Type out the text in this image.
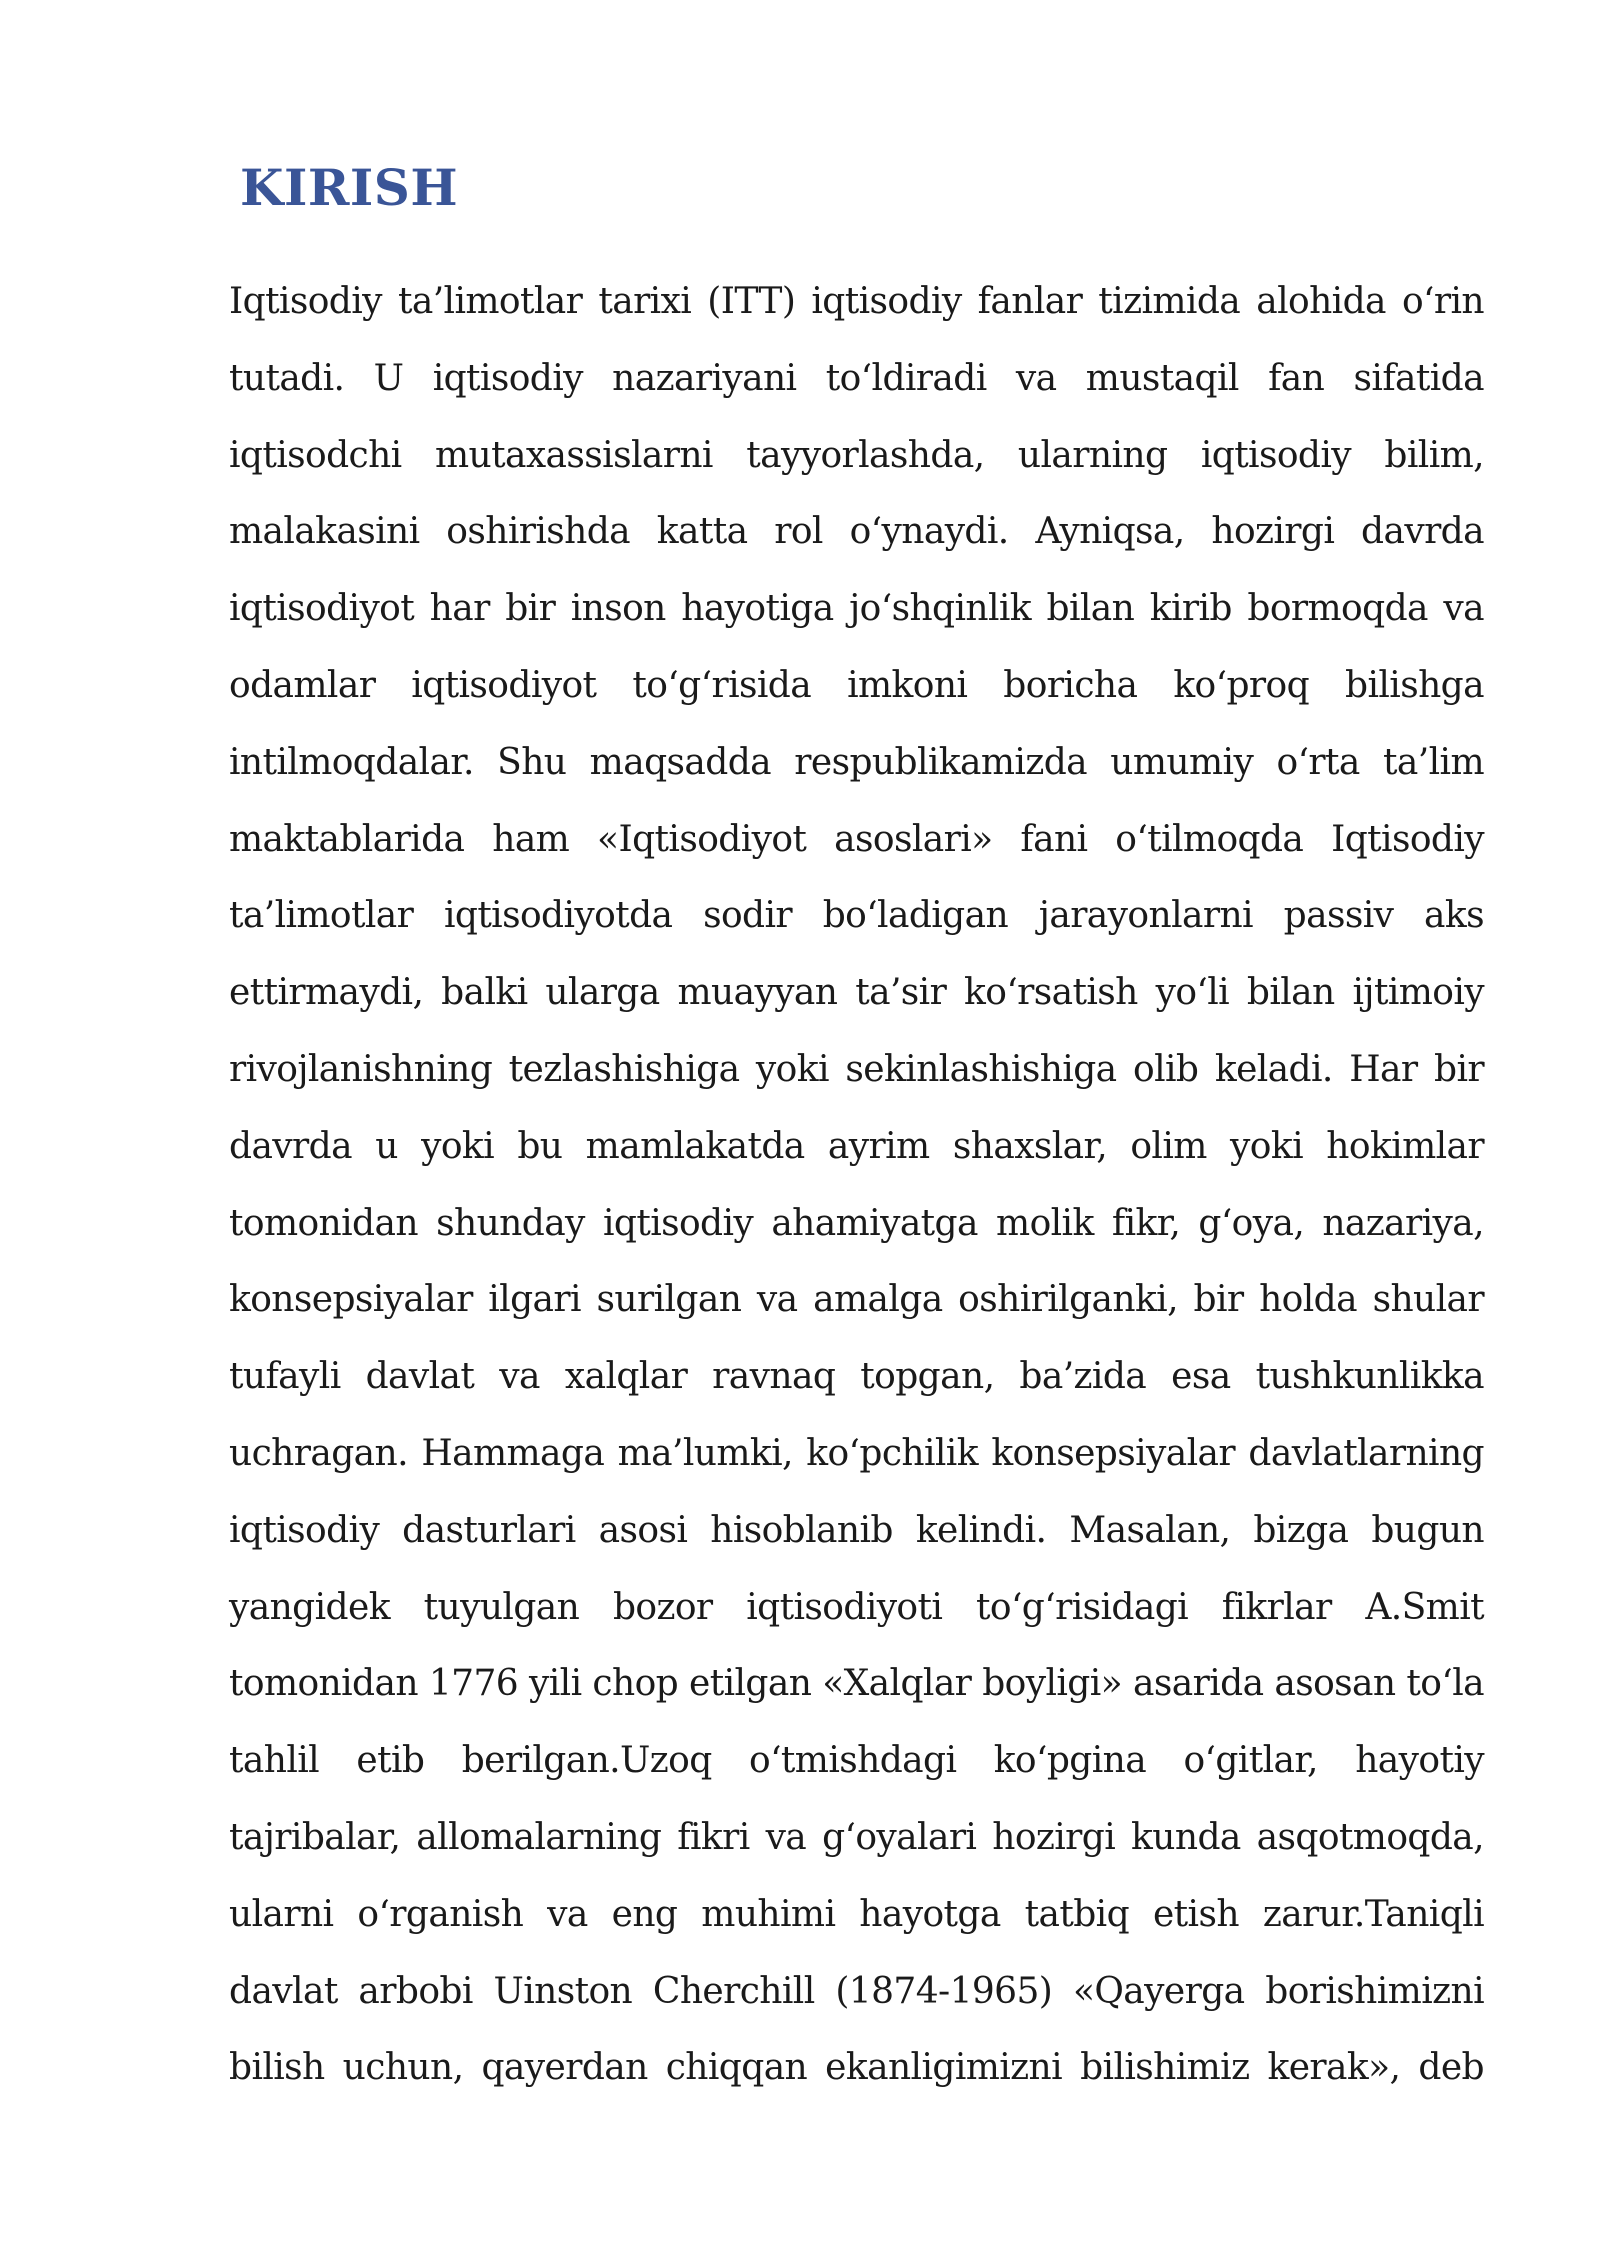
KIRISH

Iqtisodiy ta’limotlar tarixi (ITT) iqtisodiy fanlar tizimida alohida o‘rin tutadi. U iqtisodiy nazariyani to‘ldiradi va mustaqil fan sifatida iqtisodchi mutaxassislarni tayyorlashda, ularning iqtisodiy bilim, malakasini oshirishda katta rol o‘ynaydi. Ayniqsa, hozirgi davrda iqtisodiyot har bir inson hayotiga jo‘shqinlik bilan kirib bormoqda va odamlar iqtisodiyot to‘g‘risida imkoni boricha ko‘proq bilishga intilmoqdalar. Shu maqsadda respublikamizda umumiy o‘rta ta’lim maktablarida ham «Iqtisodiyot asoslari» fani o‘tilmoqda Iqtisodiy ta’limotlar iqtisodiyotda sodir bo‘ladigan jarayonlarni passiv aks ettirmaydi, balki ularga muayyan ta’sir ko‘rsatish yo‘li bilan ijtimoiy rivojlanishning tezlashishiga yoki sekinlashishiga olib keladi. Har bir davrda u yoki bu mamlakatda ayrim shaxslar, olim yoki hokimlar tomonidan shunday iqtisodiy ahamiyatga molik fikr, g‘oya, nazariya, konsepsiyalar ilgari surilgan va amalga oshirilganki, bir holda shular tufayli davlat va xalqlar ravnaq topgan, ba’zida esa tushkunlikka uchragan. Hammaga ma’lumki, ko‘pchilik konsepsiyalar davlatlarning iqtisodiy dasturlari asosi hisoblanib kelindi. Masalan, bizga bugun yangidek tuyulgan bozor iqtisodiyoti to‘g‘risidagi fikrlar A.Smit tomonidan 1776 yili chop etilgan «Xalqlar boyligi» asarida asosan to‘la tahlil etib berilgan.Uzoq o‘tmishdagi ko‘pgina o‘gitlar, hayotiy tajribalar, allomalarning fikri va g‘oyalari hozirgi kunda asqotmoqda, ularni o‘rganish va eng muhimi hayotga tatbiq etish zarur.Taniqli davlat arbobi Uinston Cherchill (1874-1965) «Qayerga borishimizni bilish uchun, qayerdan chiqqan ekanligimizni bilishimiz kerak», deb
